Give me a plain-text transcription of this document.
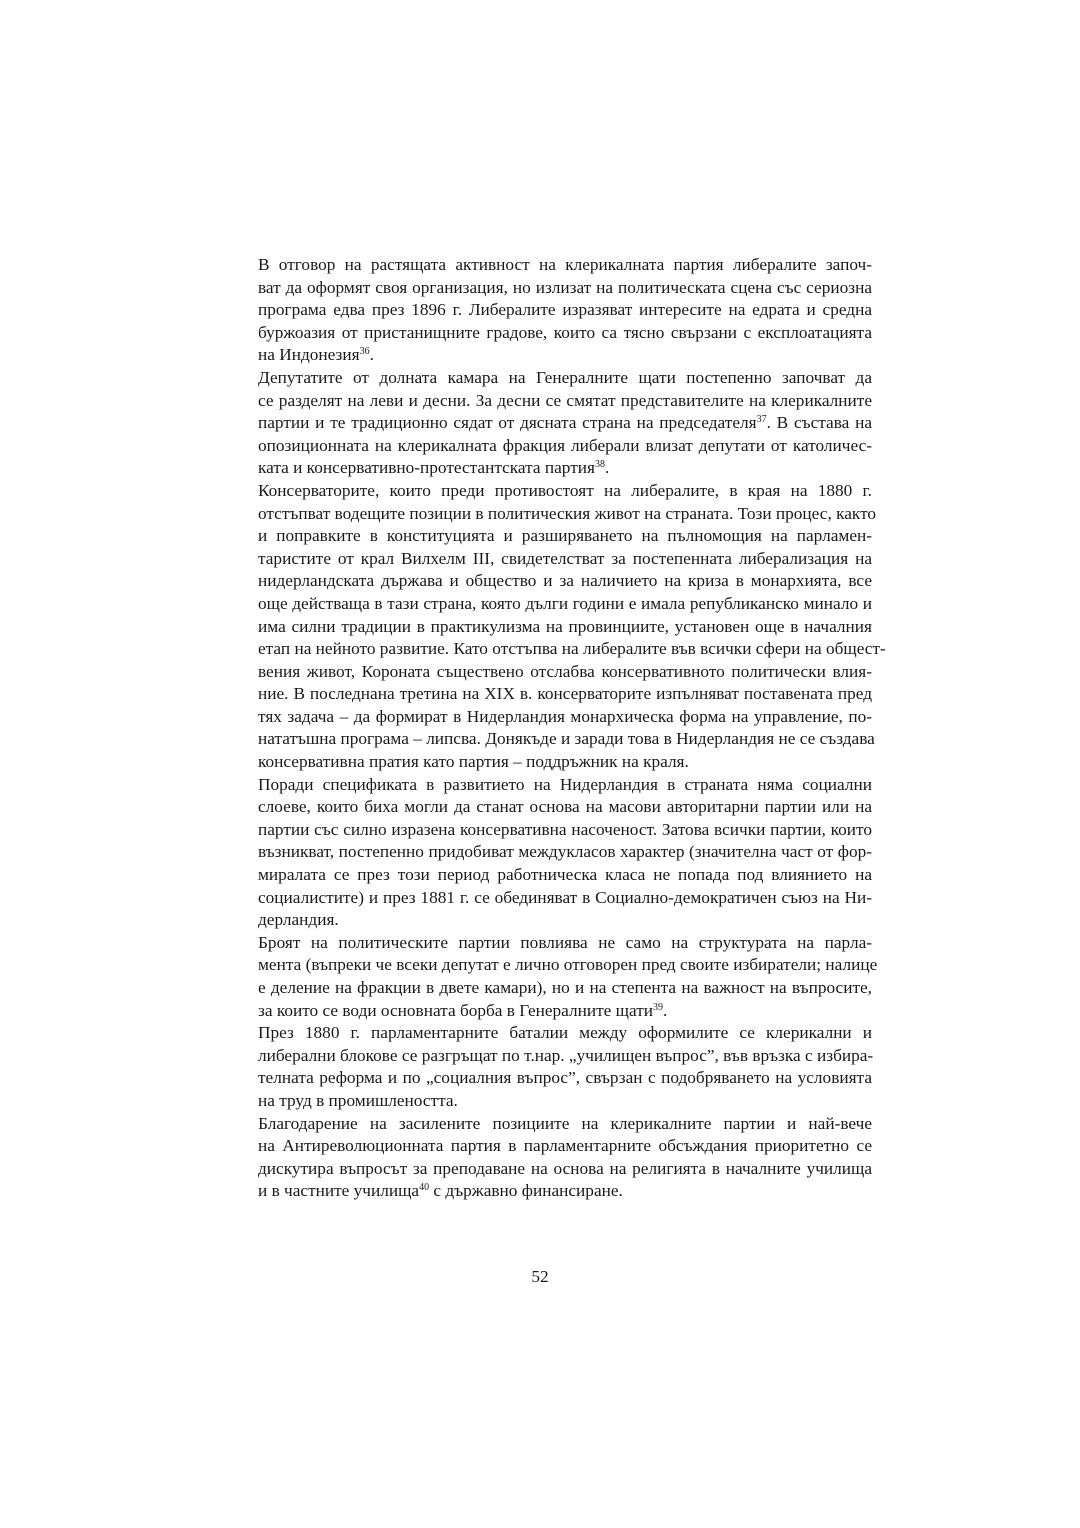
В отговор на растящата активност на клерикалната партия либералите започ-
ват да оформят своя организация, но излизат на политическата сцена със сериозна
програма едва през 1896 г. Либералите изразяват интересите на едрата и средна
буржоазия от пристанищните градове, които са тясно свързани с експлоатацията
на Индонезия$^{36}$.
Депутатите от долната камара на Генералните щати постепенно започват да
се разделят на леви и десни. За десни се смятат представителите на клерикалните
партии и те традиционно сядат от дясната страна на председателя$^{37}$. В състава на
опозиционната на клерикалната фракция либерали влизат депутати от католичес-
ката и консервативно-протестантската партия$^{38}$.
Консерваторите, които преди противостоят на либералите, в края на 1880 г.
отстъпват водещите позиции в политическия живот на страната. Този процес, както
и поправките в конституцията и разширяването на пълномощия на парламен-
таристите от крал Вилхелм III, свидетелстват за постепенната либерализация на
нидерландската държава и общество и за наличието на криза в монархията, все
още действаща в тази страна, която дълги години е имала републиканско минало и
има силни традиции в практикулизма на провинциите, установен още в началния
етап на нейното развитие. Като отстъпва на либералите във всички сфери на общест-
вения живот, Короната съществено отслабва консервативното политически влия-
ние. В последнана третина на XIX в. консерваторите изпълняват поставената пред
тях задача – да формират в Нидерландия монархическа форма на управление, по-
нататъшна програма – липсва. Донякъде и заради това в Нидерландия не се създава
консервативна пратия като партия – поддръжник на краля.
Поради спецификата в развитието на Нидерландия в страната няма социални
слоеве, които биха могли да станат основа на масови авторитарни партии или на
партии със силно изразена консервативна насоченост. Затова всички партии, които
възникват, постепенно придобиват междукласов характер (значителна част от фор-
миралата се през този период работническа класа не попада под влиянието на
социалистите) и през 1881 г. се обединяват в Социално-демократичен съюз на Ни-
дерландия.
Броят на политическите партии повлиява не само на структурата на парла-
мента (въпреки че всеки депутат е лично отговорен пред своите избиратели; налице
е деление на фракции в двете камари), но и на степента на важност на въпросите,
за които се води основната борба в Генералните щати$^{39}$.
През 1880 г. парламентарните баталии между оформилите се клерикални и
либерални блокове се разгръщат по т.нар. „училищен въпрос”, във връзка с избира-
телната реформа и по „социалния въпрос”, свързан с подобряването на условията
на труд в промишлеността.
Благодарение на засилените позициите на клерикалните партии и най-вече
на Антиреволюционната партия в парламентарните обсъждания приоритетно се
дискутира въпросът за преподаване на основа на религията в началните училища
и в частните училища$^{40}$ с държавно финансиране.
52
